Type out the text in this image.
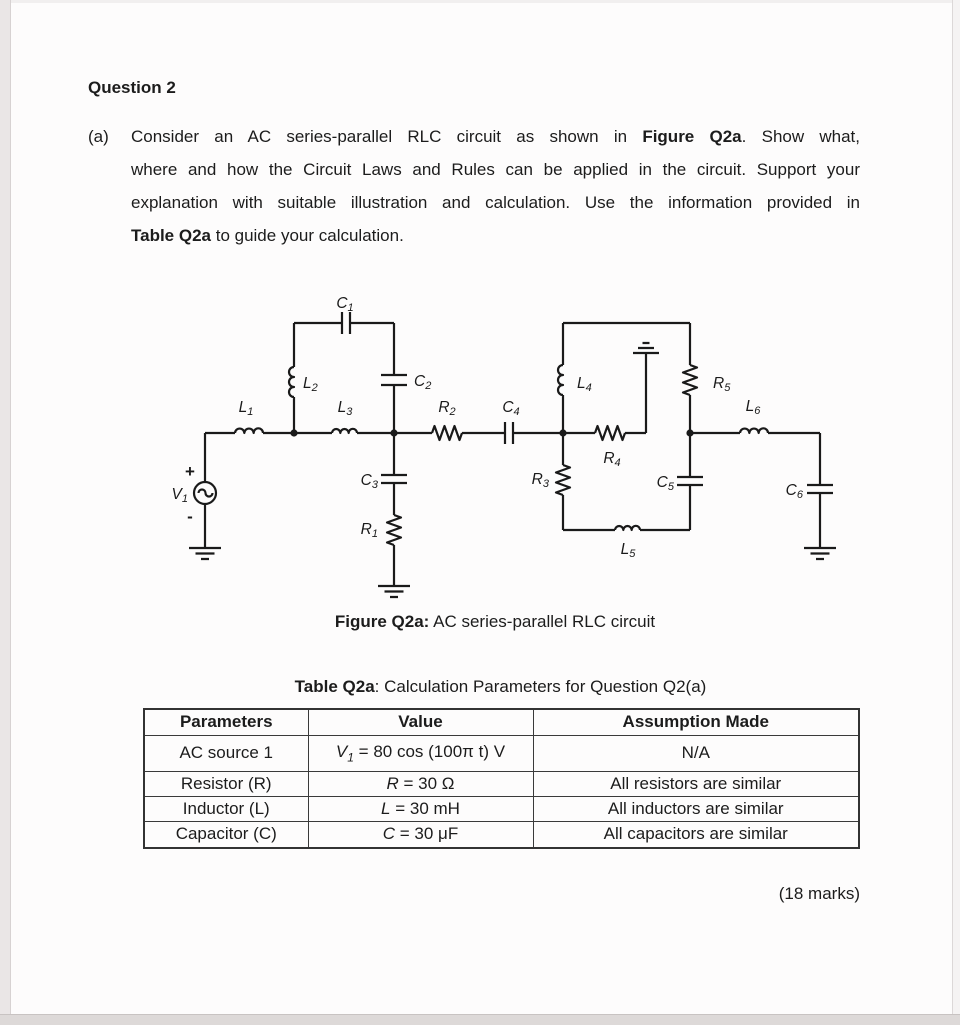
Question 2
(a)	Consider an AC series-parallel RLC circuit as shown in Figure Q2a. Show what,
where and how the Circuit Laws and Rules can be applied in the circuit. Support your
explanation with suitable illustration and calculation. Use the information provided in
Table Q2a to guide your calculation.
C1
L2	C2
L1	L3	R2	C4
L4	R5
L6
R4
R3
C3
R1
C5	C6
L5
V1
+
-
Figure Q2a: AC series-parallel RLC circuit
Table Q2a: Calculation Parameters for Question Q2(a)
Parameters	Value	Assumption Made
AC source 1	$V_1 = 80$ cos (100π t) V	N/A
Resistor (R)	R = 30 Ω	All resistors are similar
Inductor (L)	L = 30 mH	All inductors are similar
Capacitor (C)	C = 30 μF	All capacitors are similar
(18 marks)
